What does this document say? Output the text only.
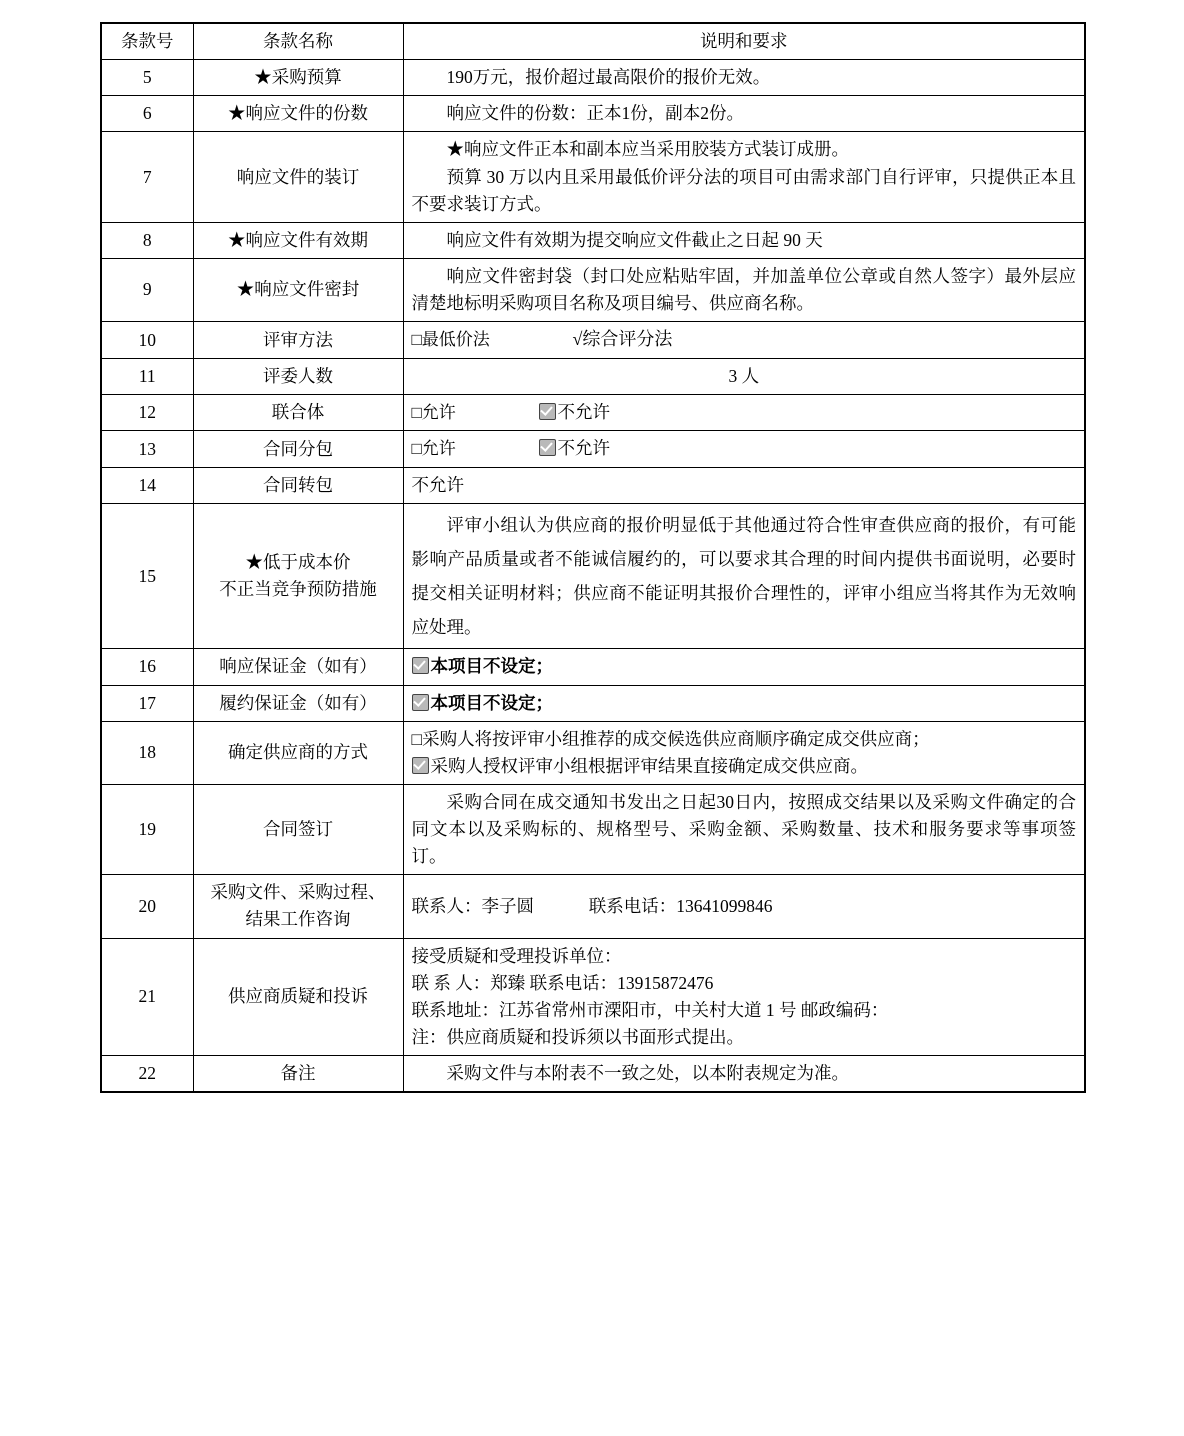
条款号	条款名称	说明和要求
5	★采购预算	190万元，报价超过最高限价的报价无效。

6	★响应文件的份数	响应文件的份数：正本1份，副本2份。

7	响应文件的装订	★响应文件正本和副本应当采用胶装方式装订成册。

预算 30 万以内且采用最低价评分法的项目可由需求部门自行评审，只提供正本且不要求装订方式。

8	★响应文件有效期	响应文件有效期为提交响应文件截止之日起 90 天

9	★响应文件密封	响应文件密封袋（封口处应粘贴牢固，并加盖单位公章或自然人签字）最外层应清楚地标明采购项目名称及项目编号、供应商名称。

10	评审方法	□最低价法 √综合评分法

11	评委人数	3 人

12	联合体	□允许 不允许

13	合同分包	□允许 不允许

14	合同转包	不允许

15	★低于成本价
不正当竞争预防措施	评审小组认为供应商的报价明显低于其他通过符合性审查供应商的报价，有可能影响产品质量或者不能诚信履约的，可以要求其合理的时间内提供书面说明，必要时提交相关证明材料；供应商不能证明其报价合理性的，评审小组应当将其作为无效响应处理。

16	响应保证金（如有）	本项目不设定；

17	履约保证金（如有）	本项目不设定；

18	确定供应商的方式	□采购人将按评审小组推荐的成交候选供应商顺序确定成交供应商；

采购人授权评审小组根据评审结果直接确定成交供应商。

19	合同签订	采购合同在成交通知书发出之日起30日内，按照成交结果以及采购文件确定的合同文本以及采购标的、规格型号、采购金额、采购数量、技术和服务要求等事项签订。

20	采购文件、采购过程、
结果工作咨询	联系人：李子圆 联系电话：13641099846

21	供应商质疑和投诉	接受质疑和受理投诉单位：

联 系 人：郑臻 联系电话：13915872476

联系地址：江苏省常州市溧阳市，中关村大道 1 号 邮政编码：

注：供应商质疑和投诉须以书面形式提出。

22	备注	采购文件与本附表不一致之处，以本附表规定为准。
